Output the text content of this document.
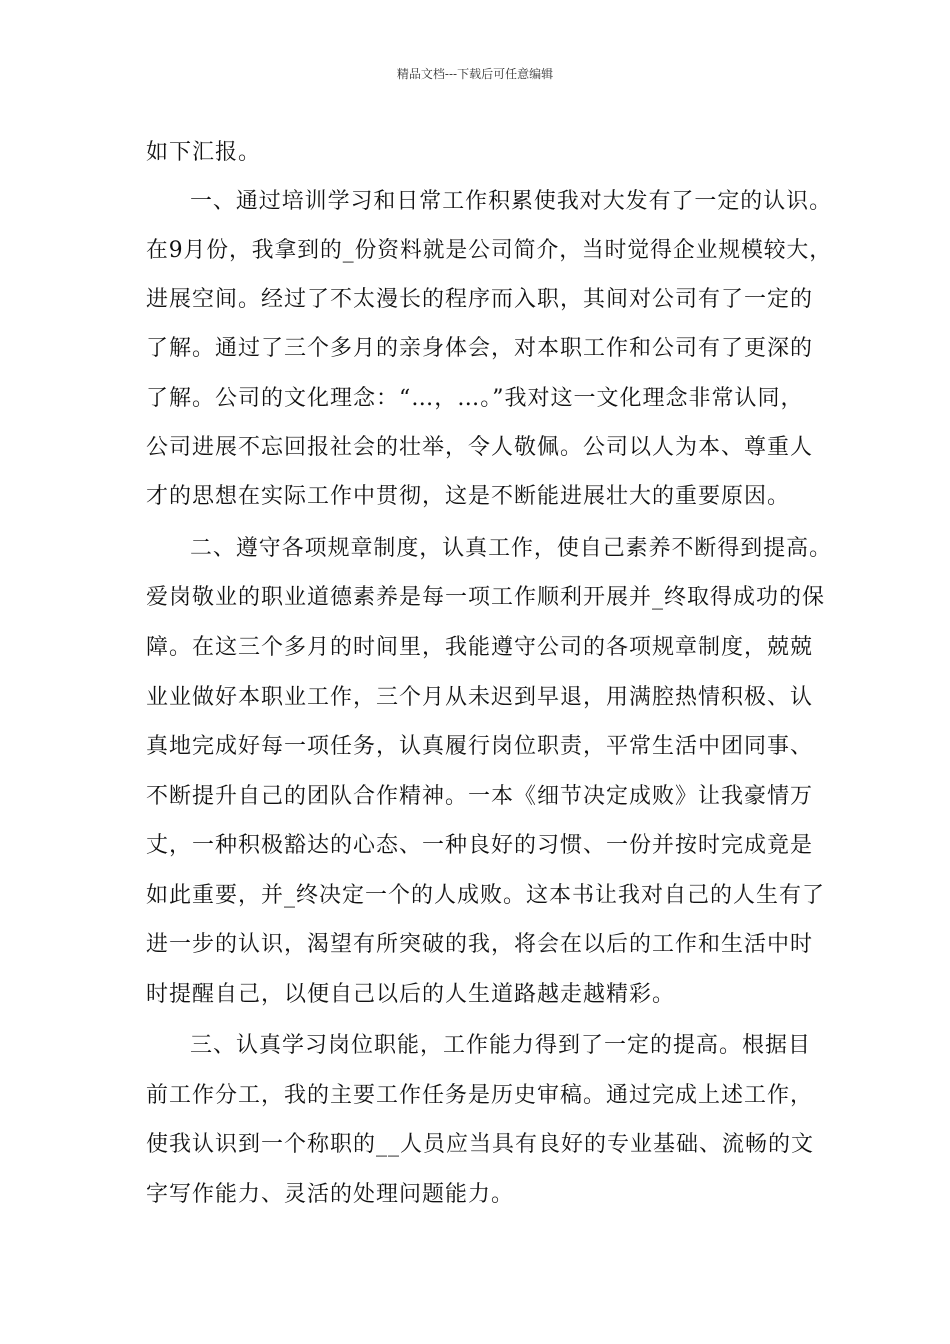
精品文档---下载后可任意编辑
如下汇报。
一、通过培训学习和日常工作积累使我对大发有了一定的认识。
在9月份，我拿到的_份资料就是公司简介，当时觉得企业规模较大，
进展空间。经过了不太漫长的程序而入职，其间对公司有了一定的
了解。通过了三个多月的亲身体会，对本职工作和公司有了更深的
了解。公司的文化理念：“…，…。”我对这一文化理念非常认同，
公司进展不忘回报社会的壮举，令人敬佩。公司以人为本、尊重人
才的思想在实际工作中贯彻，这是不断能进展壮大的重要原因。
二、遵守各项规章制度，认真工作，使自己素养不断得到提高。
爱岗敬业的职业道德素养是每一项工作顺利开展并_终取得成功的保
障。在这三个多月的时间里，我能遵守公司的各项规章制度，兢兢
业业做好本职业工作，三个月从未迟到早退，用满腔热情积极、认
真地完成好每一项任务，认真履行岗位职责，平常生活中团同事、
不断提升自己的团队合作精神。一本《细节决定成败》让我豪情万
丈，一种积极豁达的心态、一种良好的习惯、一份并按时完成竟是
如此重要，并_终决定一个的人成败。这本书让我对自己的人生有了
进一步的认识，渴望有所突破的我，将会在以后的工作和生活中时
时提醒自己，以便自己以后的人生道路越走越精彩。
三、认真学习岗位职能，工作能力得到了一定的提高。根据目
前工作分工，我的主要工作任务是历史审稿。通过完成上述工作，
使我认识到一个称职的__人员应当具有良好的专业基础、流畅的文
字写作能力、灵活的处理问题能力。
